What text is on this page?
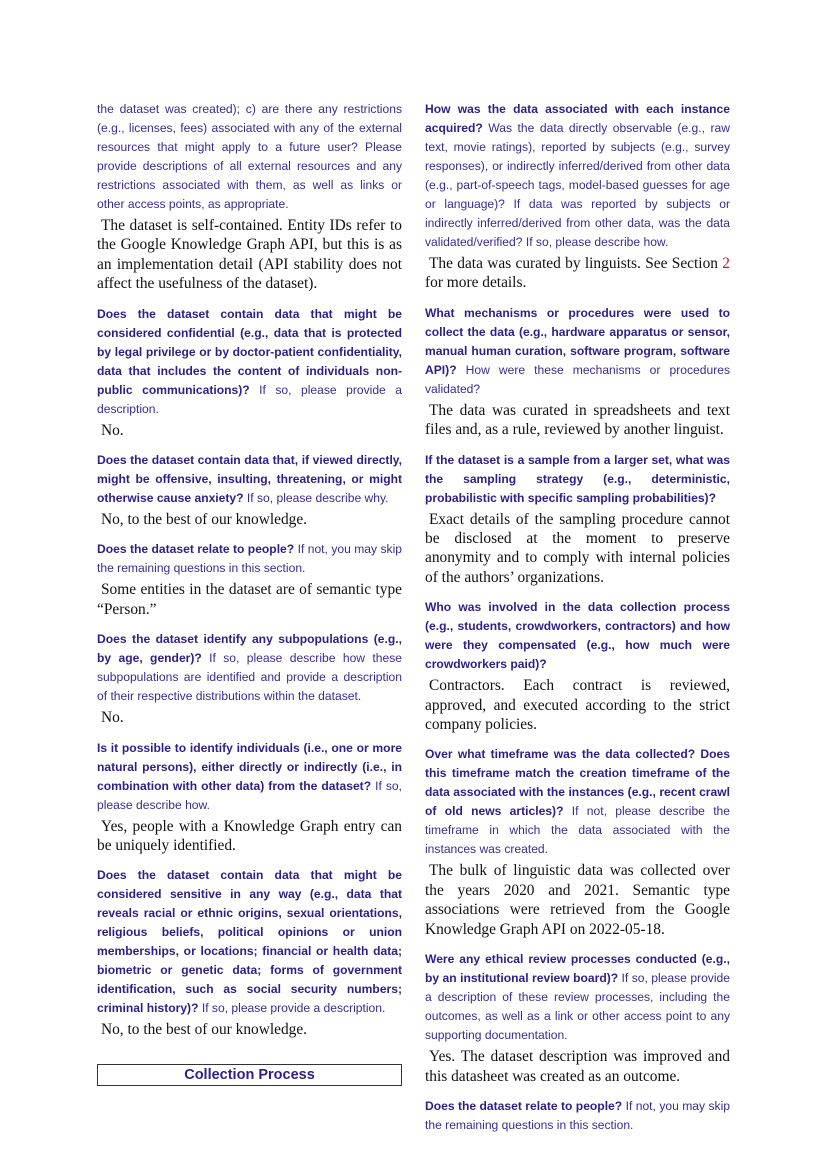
the dataset was created); c) are there any restrictions (e.g., licenses, fees) associated with any of the external resources that might apply to a future user? Please provide descriptions of all external resources and any restrictions associated with them, as well as links or other access points, as appropriate.

The dataset is self-contained. Entity IDs refer to the Google Knowledge Graph API, but this is as an implementation detail (API stability does not affect the usefulness of the dataset).

Does the dataset contain data that might be considered confidential (e.g., data that is protected by legal privilege or by doctor-patient confidentiality, data that includes the content of individuals non-public communications)? If so, please provide a description.

No.

Does the dataset contain data that, if viewed directly, might be offensive, insulting, threatening, or might otherwise cause anxiety? If so, please describe why.

No, to the best of our knowledge.

Does the dataset relate to people? If not, you may skip the remaining questions in this section.

Some entities in the dataset are of semantic type “Person.”

Does the dataset identify any subpopulations (e.g., by age, gender)? If so, please describe how these subpopulations are identified and provide a description of their respective distributions within the dataset.

No.

Is it possible to identify individuals (i.e., one or more natural persons), either directly or indirectly (i.e., in combination with other data) from the dataset? If so, please describe how.

Yes, people with a Knowledge Graph entry can be uniquely identified.

Does the dataset contain data that might be considered sensitive in any way (e.g., data that reveals racial or ethnic origins, sexual orientations, religious beliefs, political opinions or union memberships, or locations; financial or health data; biometric or genetic data; forms of government identification, such as social security numbers; criminal history)? If so, please provide a description.

No, to the best of our knowledge.

Collection Process

How was the data associated with each instance acquired? Was the data directly observable (e.g., raw text, movie ratings), reported by subjects (e.g., survey responses), or indirectly inferred/derived from other data (e.g., part-of-speech tags, model-based guesses for age or language)? If data was reported by subjects or indirectly inferred/derived from other data, was the data validated/verified? If so, please describe how.

The data was curated by linguists. See Section 2 for more details.

What mechanisms or procedures were used to collect the data (e.g., hardware apparatus or sensor, manual human curation, software program, software API)? How were these mechanisms or procedures validated?

The data was curated in spreadsheets and text files and, as a rule, reviewed by another linguist.

If the dataset is a sample from a larger set, what was the sampling strategy (e.g., deterministic, probabilistic with specific sampling probabilities)?

Exact details of the sampling procedure cannot be disclosed at the moment to preserve anonymity and to comply with internal policies of the authors’ organizations.

Who was involved in the data collection process (e.g., students, crowdworkers, contractors) and how were they compensated (e.g., how much were crowdworkers paid)?

Contractors. Each contract is reviewed, approved, and executed according to the strict company policies.

Over what timeframe was the data collected? Does this timeframe match the creation timeframe of the data associated with the instances (e.g., recent crawl of old news articles)? If not, please describe the timeframe in which the data associated with the instances was created.

The bulk of linguistic data was collected over the years 2020 and 2021. Semantic type associations were retrieved from the Google Knowledge Graph API on 2022-05-18.

Were any ethical review processes conducted (e.g., by an institutional review board)? If so, please provide a description of these review processes, including the outcomes, as well as a link or other access point to any supporting documentation.

Yes. The dataset description was improved and this datasheet was created as an outcome.

Does the dataset relate to people? If not, you may skip the remaining questions in this section.
